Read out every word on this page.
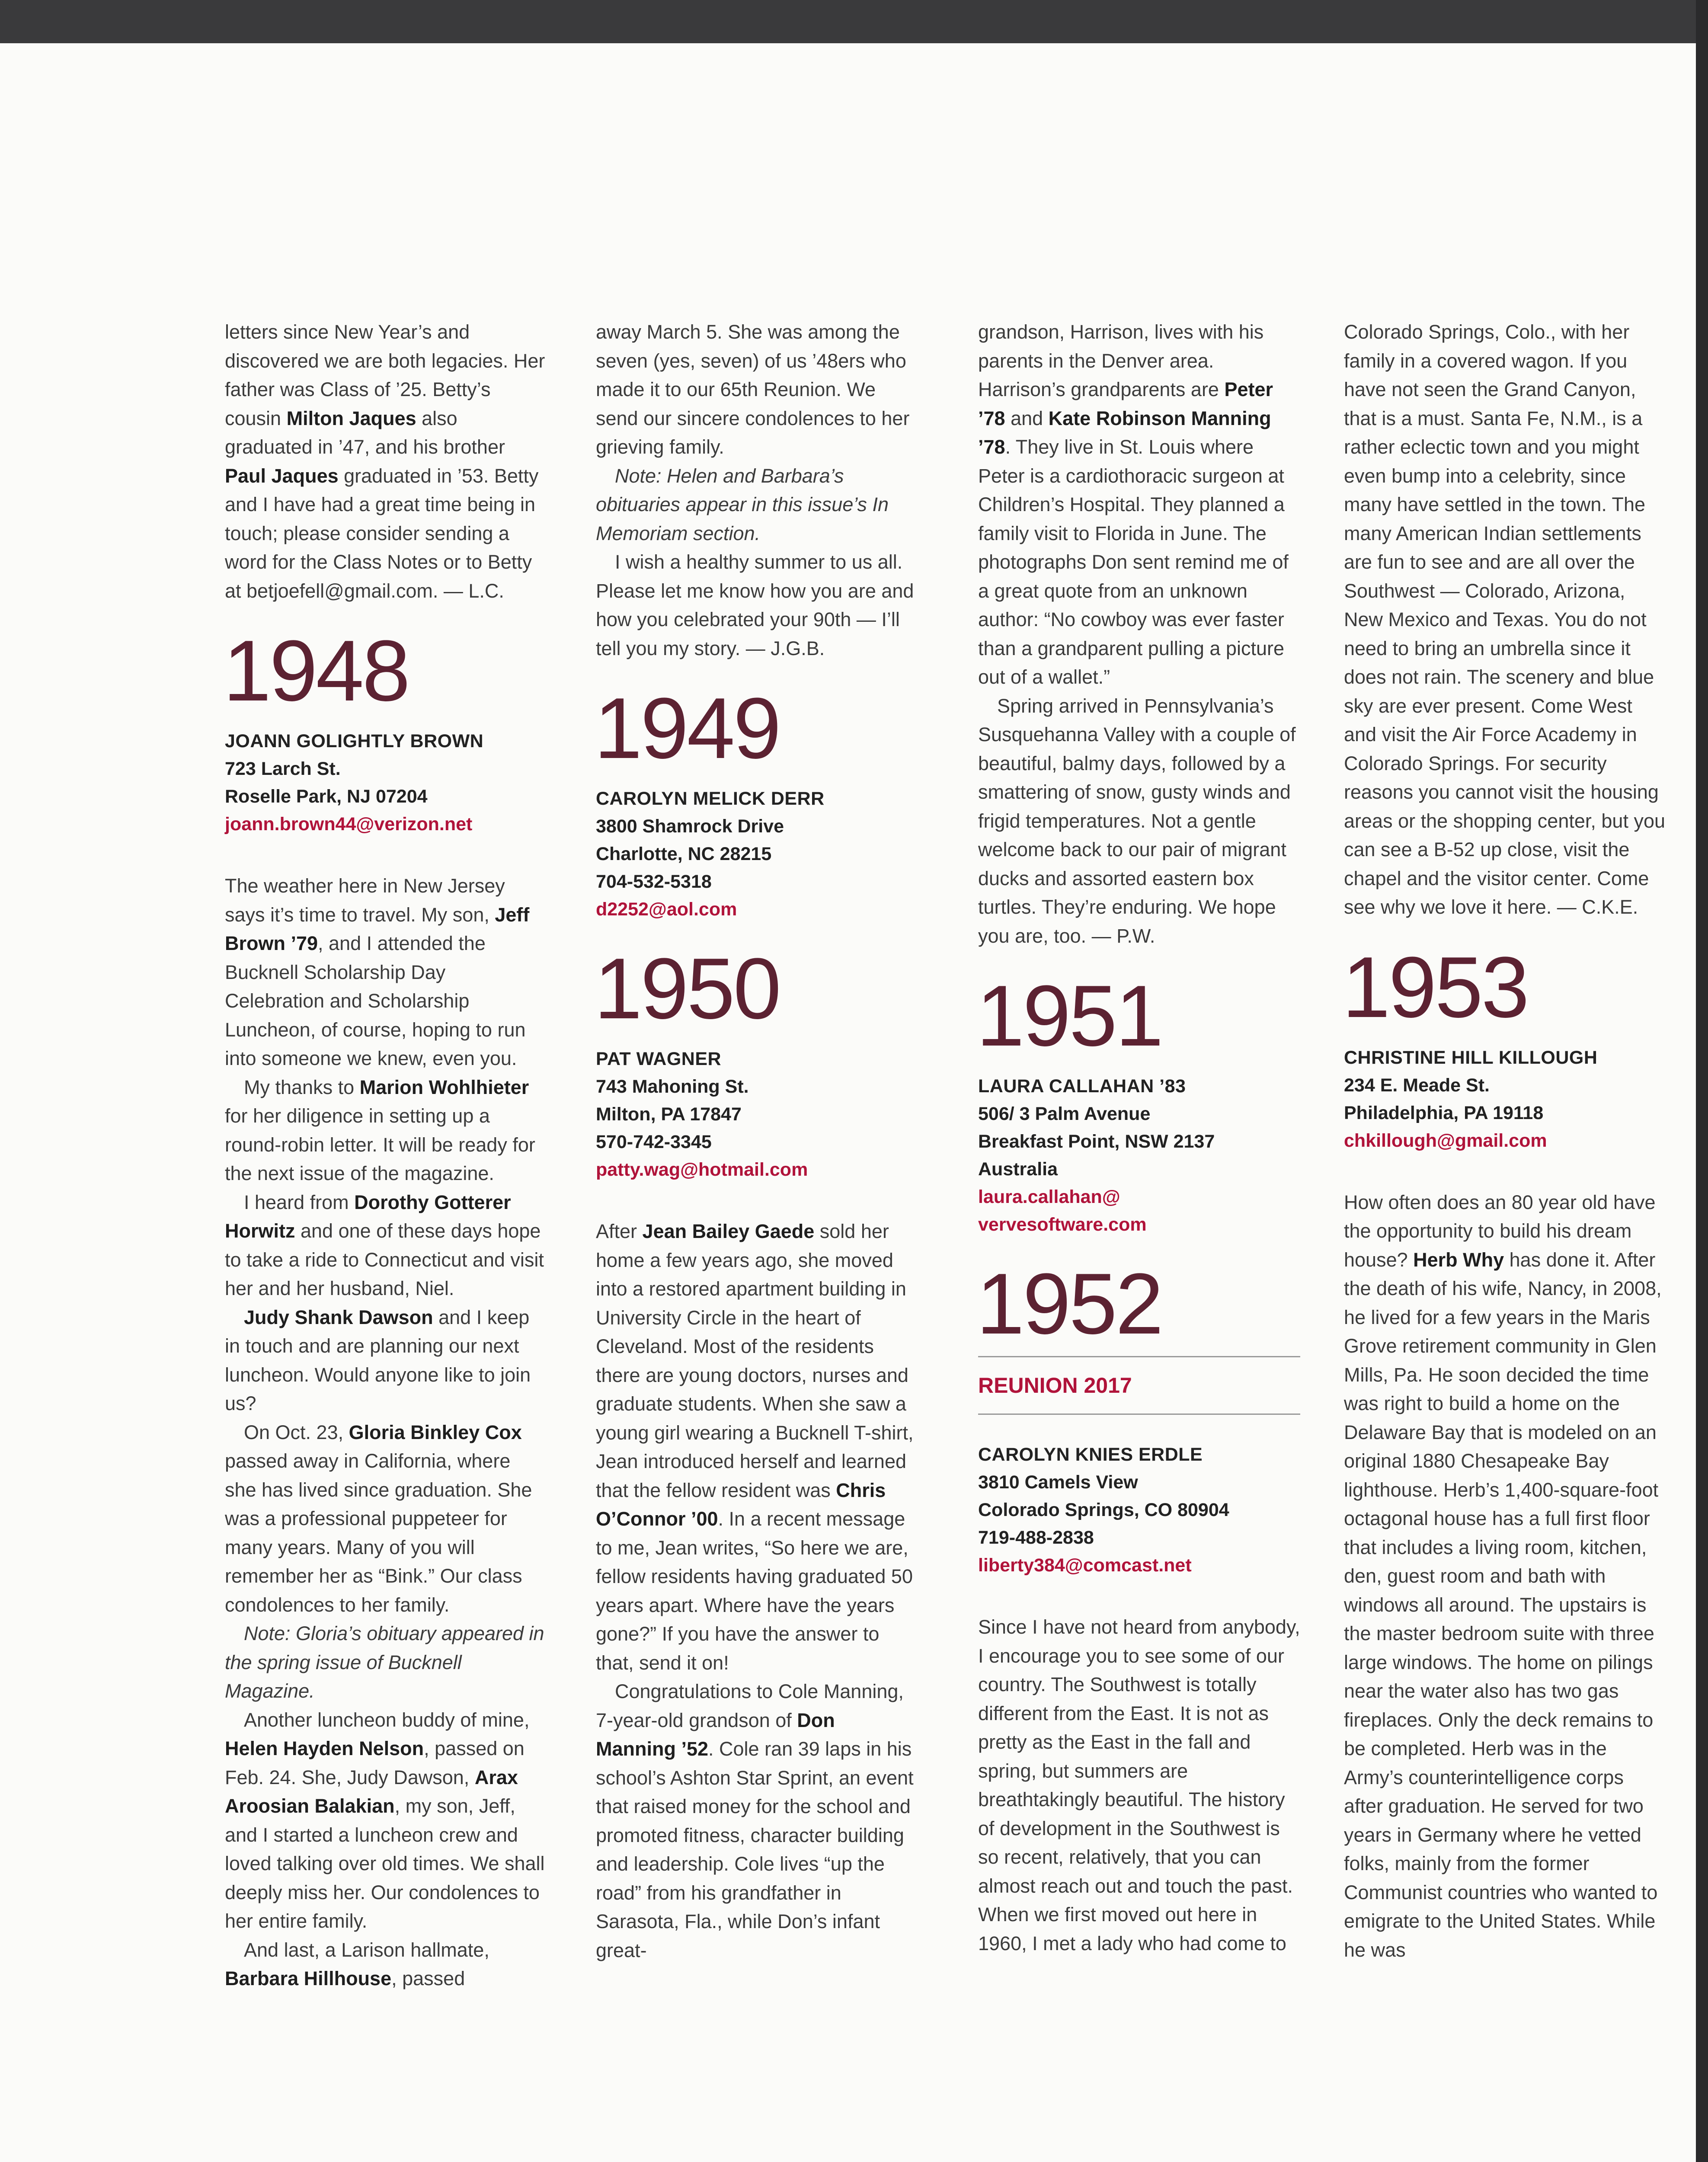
letters since New Year’s and discovered we are both legacies. Her father was Class of ’25. Betty’s cousin Milton Jaques also graduated in ’47, and his brother Paul Jaques graduated in ’53. Betty and I have had a great time being in touch; please consider sending a word for the Class Notes or to Betty at betjoefell@gmail.com. — L.C.

1948
JOANN GOLIGHTLY BROWN
723 Larch St.
Roselle Park, NJ 07204
joann.brown44@verizon.net

The weather here in New Jersey says it’s time to travel. My son, Jeff Brown ’79, and I attended the Bucknell Scholarship Day Celebration and Scholarship Luncheon, of course, hoping to run into someone we knew, even you.

My thanks to Marion Wohlhieter for her diligence in setting up a round-robin letter. It will be ready for the next issue of the magazine.

I heard from Dorothy Gotterer Horwitz and one of these days hope to take a ride to Connecticut and visit her and her husband, Niel.

Judy Shank Dawson and I keep in touch and are planning our next luncheon. Would anyone like to join us?

On Oct. 23, Gloria Binkley Cox passed away in California, where she has lived since graduation. She was a professional puppeteer for many years. Many of you will remember her as “Bink.” Our class condolences to her family.

Note: Gloria’s obituary appeared in the spring issue of Bucknell Magazine.

Another luncheon buddy of mine, Helen Hayden Nelson, passed on Feb. 24. She, Judy Dawson, Arax Aroosian Balakian, my son, Jeff, and I started a luncheon crew and loved talking over old times. We shall deeply miss her. Our condolences to her entire family.

And last, a Larison hallmate, Barbara Hillhouse, passed

away March 5. She was among the seven (yes, seven) of us ’48ers who made it to our 65th Reunion. We send our sincere condolences to her grieving family.

Note: Helen and Barbara’s obituaries appear in this issue’s In Memoriam section.

I wish a healthy summer to us all. Please let me know how you are and how you celebrated your 90th — I’ll tell you my story. — J.G.B.

1949
CAROLYN MELICK DERR
3800 Shamrock Drive
Charlotte, NC 28215
704-532-5318
d2252@aol.com
1950
PAT WAGNER
743 Mahoning St.
Milton, PA 17847
570-742-3345
patty.wag@hotmail.com

After Jean Bailey Gaede sold her home a few years ago, she moved into a restored apartment building in University Circle in the heart of Cleveland. Most of the residents there are young doctors, nurses and graduate students. When she saw a young girl wearing a Bucknell T-shirt, Jean introduced herself and learned that the fellow resident was Chris O’Connor ’00. In a recent message to me, Jean writes, “So here we are, fellow residents having graduated 50 years apart. Where have the years gone?” If you have the answer to that, send it on!

Congratulations to Cole Manning, 7-year-old grandson of Don Manning ’52. Cole ran 39 laps in his school’s Ashton Star Sprint, an event that raised money for the school and promoted fitness, character building and leadership. Cole lives “up the road” from his grandfather in Sarasota, Fla., while Don’s infant great-

grandson, Harrison, lives with his parents in the Denver area. Harrison’s grandparents are Peter ’78 and Kate Robinson Manning ’78. They live in St. Louis where Peter is a cardiothoracic surgeon at Children’s Hospital. They planned a family visit to Florida in June. The photographs Don sent remind me of a great quote from an unknown author: “No cowboy was ever faster than a grandparent pulling a picture out of a wallet.”

Spring arrived in Pennsylvania’s Susquehanna Valley with a couple of beautiful, balmy days, followed by a smattering of snow, gusty winds and frigid temperatures. Not a gentle welcome back to our pair of migrant ducks and assorted eastern box turtles. They’re enduring. We hope you are, too. — P.W.

1951
LAURA CALLAHAN ’83
506/ 3 Palm Avenue
Breakfast Point, NSW 2137
Australia
laura.callahan@
vervesoftware.com
1952
REUNION 2017
CAROLYN KNIES ERDLE
3810 Camels View
Colorado Springs, CO 80904
719-488-2838
liberty384@comcast.net

Since I have not heard from anybody, I encourage you to see some of our country. The Southwest is totally different from the East. It is not as pretty as the East in the fall and spring, but summers are breathtakingly beautiful. The history of development in the Southwest is so recent, relatively, that you can almost reach out and touch the past. When we first moved out here in 1960, I met a lady who had come to

Colorado Springs, Colo., with her family in a covered wagon. If you have not seen the Grand Canyon, that is a must. Santa Fe, N.M., is a rather eclectic town and you might even bump into a celebrity, since many have settled in the town. The many American Indian settlements are fun to see and are all over the Southwest — Colorado, Arizona, New Mexico and Texas. You do not need to bring an umbrella since it does not rain. The scenery and blue sky are ever present. Come West and visit the Air Force Academy in Colorado Springs. For security reasons you cannot visit the housing areas or the shopping center, but you can see a B-52 up close, visit the chapel and the visitor center. Come see why we love it here. — C.K.E.

1953
CHRISTINE HILL KILLOUGH
234 E. Meade St.
Philadelphia, PA 19118
chkillough@gmail.com

How often does an 80 year old have the opportunity to build his dream house? Herb Why has done it. After the death of his wife, Nancy, in 2008, he lived for a few years in the Maris Grove retirement community in Glen Mills, Pa. He soon decided the time was right to build a home on the Delaware Bay that is modeled on an original 1880 Chesapeake Bay lighthouse. Herb’s 1,400-square-foot octagonal house has a full first floor that includes a living room, kitchen, den, guest room and bath with windows all around. The upstairs is the master bedroom suite with three large windows. The home on pilings near the water also has two gas fireplaces. Only the deck remains to be completed. Herb was in the Army’s counterintelligence corps after graduation. He served for two years in Germany where he vetted folks, mainly from the former Communist countries who wanted to emigrate to the United States. While he was
